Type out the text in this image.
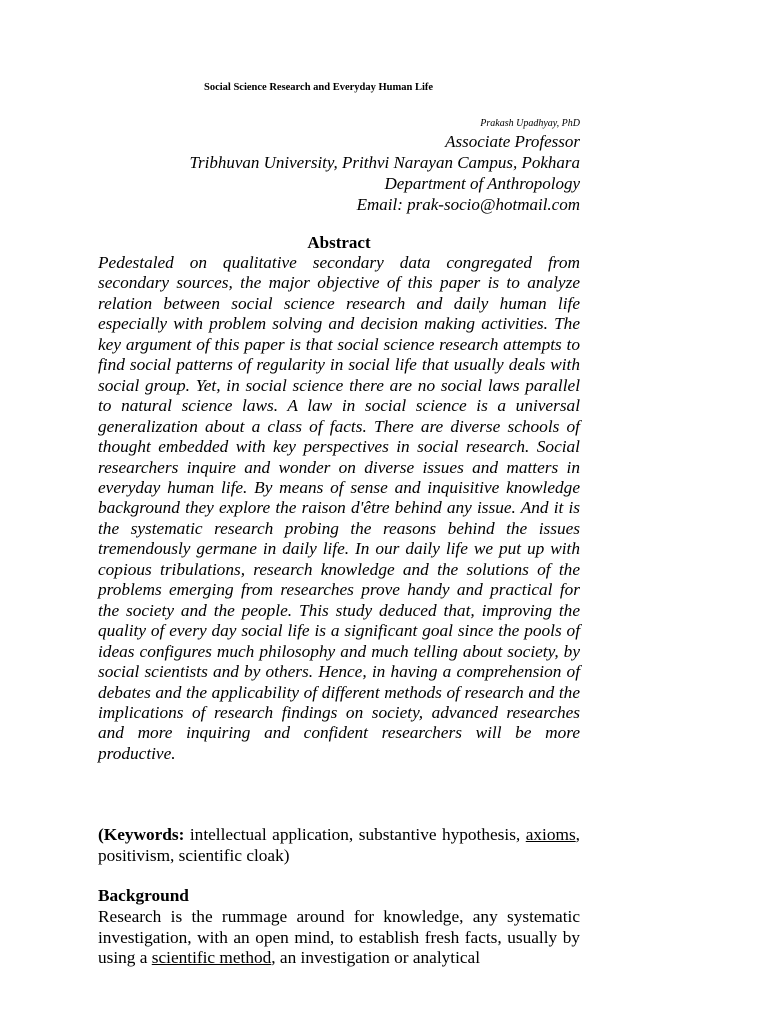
Social Science Research and Everyday Human Life
Prakash Upadhyay, PhD
Associate Professor
Tribhuvan University, Prithvi Narayan Campus, Pokhara
Department of Anthropology
Email: prak-socio@hotmail.com
Abstract

Pedestaled on qualitative secondary data congregated from secondary sources, the major objective of this paper is to analyze relation between social science research and daily human life especially with problem solving and decision making activities. The key argument of this paper is that social science research attempts to find social patterns of regularity in social life that usually deals with social group. Yet, in social science there are no social laws parallel to natural science laws. A law in social science is a universal generalization about a class of facts. There are diverse schools of thought embedded with key perspectives in social research. Social researchers inquire and wonder on diverse issues and matters in everyday human life. By means of sense and inquisitive knowledge background they explore the raison d'être behind any issue. And it is the systematic research probing the reasons behind the issues tremendously germane in daily life. In our daily life we put up with copious tribulations, research knowledge and the solutions of the problems emerging from researches prove handy and practical for the society and the people. This study deduced that, improving the quality of every day social life is a significant goal since the pools of ideas configures much philosophy and much telling about society, by social scientists and by others. Hence, in having a comprehension of debates and the applicability of different methods of research and the implications of research findings on society, advanced researches and more inquiring and confident researchers will be more productive.

(Keywords: intellectual application, substantive hypothesis, axioms, positivism, scientific cloak)

Background

Research is the rummage around for knowledge, any systematic investigation, with an open mind, to establish fresh facts, usually by using a scientific method, an investigation or analytical
